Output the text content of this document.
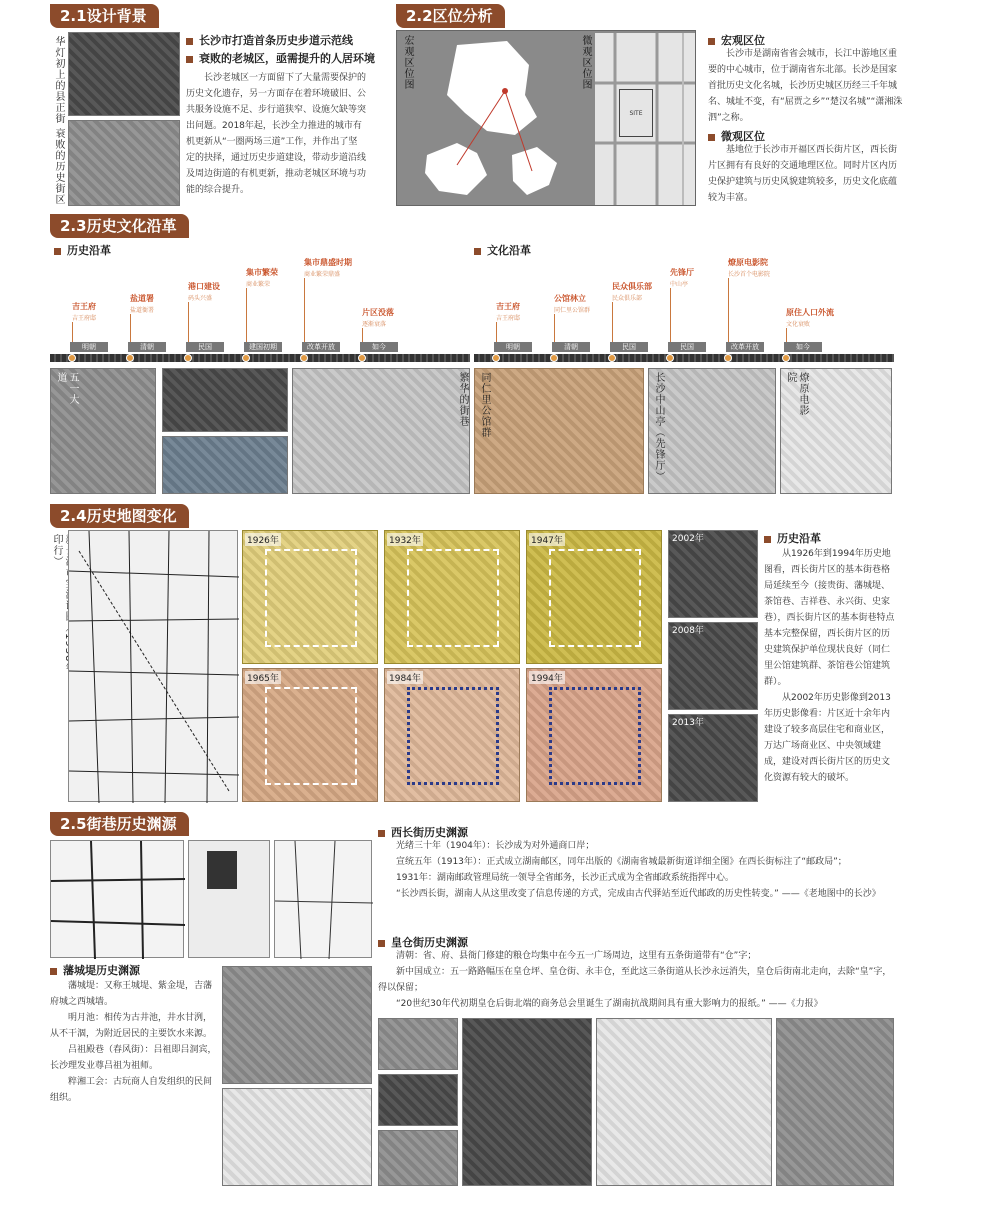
2.1设计背景
华灯初上的县正街
衰败的历史街区
长沙市打造首条历史步道示范线
衰败的老城区，亟需提升的人居环境

长沙老城区一方面留下了大量需要保护的历史文化遗存，另一方面存在着环境破旧、公共服务设施不足、步行道狭窄、设施欠缺等突出问题。2018年起，长沙全力推进的城市有机更新从“一圈两场三道”工作，并作出了坚定的抉择，通过历史步道建设，带动步道沿线及周边街道的有机更新，推动老城区环境与功能的综合提升。

2.2区位分析
宏观区位图	微观区位图
SITE
宏观区位

长沙市是湖南省省会城市，长江中游地区重要的中心城市，位于湖南省东北部。长沙是国家首批历史文化名城，长沙历史城区历经三千年城名、城址不变，有“屈贾之乡”“楚汉名城”“潇湘洙泗”之称。

微观区位

基地位于长沙市开福区西长街片区，西长街片区拥有有良好的交通地理区位。同时片区内历史保护建筑与历史风貌建筑较多，历史文化底蕴较为丰富。

2.3历史文化沿革
历史沿革	文化沿革
明朝	清朝	民国	建国初期	改革开放	如今
吉王府
吉王府邸
盐道署
盐道衙署
港口建设
码头兴盛
集市繁荣
商业繁荣
集市鼎盛时期
商业繁荣鼎盛
片区没落
逐渐衰落
明朝	清朝	民国	民国	改革开放	如今
吉王府
吉王府邸
公馆林立
同仁里公馆群
民众俱乐部
民众俱乐部
先锋厅
中山亭
燎原电影院
长沙首个电影院
原住人口外流
文化衰败
五一大道	繁华的街巷 同仁里公馆群	长沙中山亭（先锋厅）	燎原电影院
2.4历史地图变化
印行）
1926年	1932年	1947年
1965年	1984年	1994年
2002年
2008年
2013年
历史沿革

从1926年到1994年历史地图看，西长街片区的基本街巷格局延续至今（接贵街、藩城堤、茶馆巷、吉祥巷、永兴街、史家巷），西长街片区的基本街巷特点基本完整保留，西长街片区的历史建筑保护单位现状良好（同仁里公馆建筑群、茶馆巷公馆建筑群）。

从2002年历史影像到2013年历史影像看：片区近十余年内建设了较多高层住宅和商业区，万达广场商业区、中央领域建成，建设对西长街片区的历史文化资源有较大的破坏。

2.5街巷历史渊源
藩城堤历史渊源

藩城堤：又称王城堤、紫金堤，吉藩府城之西城墙。

明月池：相传为古井池，井水甘洌，从不干涸，为附近居民的主要饮水来源。

吕祖殿巷（春风街）：吕祖即吕洞宾，长沙理发业尊吕祖为祖师。

粹湘工会：古玩商人自发组织的民间组织。

西长街历史渊源

光绪三十年（1904年）：长沙成为对外通商口岸；

宣统五年（1913年）：正式成立湖南邮区，同年出版的《湖南省城最新街道详细全图》在西长街标注了“邮政局”；

1931年：湖南邮政管理局统一领导全省邮务，长沙正式成为全省邮政系统指挥中心。

“长沙西长街，湖南人从这里改变了信息传递的方式，完成由古代驿站至近代邮政的历史性转变。” ——《老地图中的长沙》

皇仓街历史渊源

清朝：省、府、县衙门修建的粮仓均集中在今五一广场周边，这里有五条街道带有“仓”字；

新中国成立：五一路路幅压在皇仓坪、皇仓街、永丰仓，至此这三条街道从长沙永远消失，皇仓后街南北走向，去除“皇”字，得以保留；

“20世纪30年代初期皇仓后街北端的商务总会里诞生了湖南抗战期间具有重大影响力的报纸。” ——《力报》
